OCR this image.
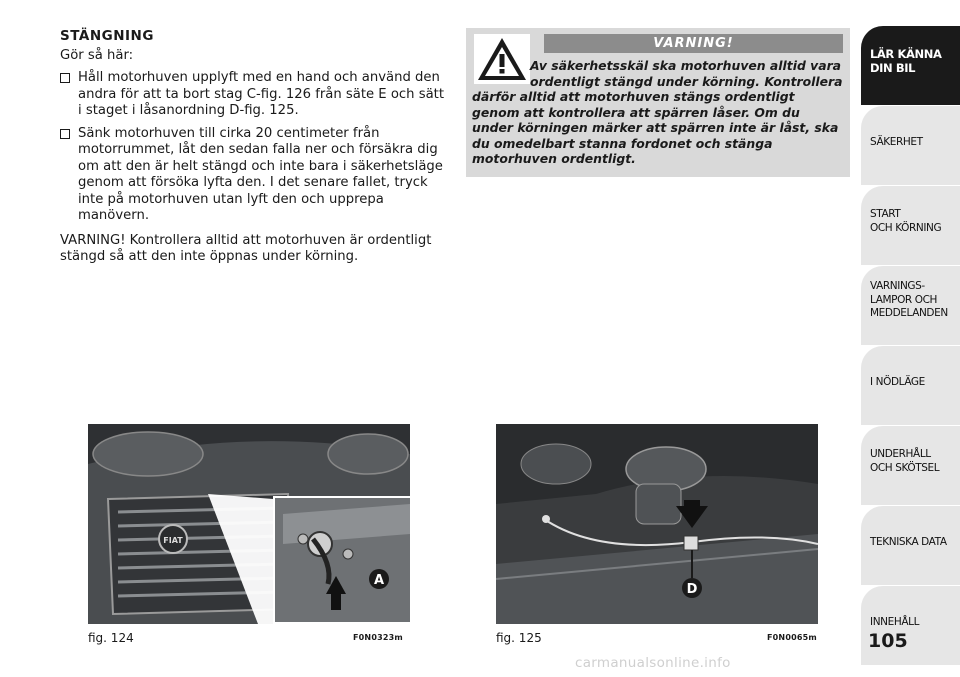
STÄNGNING

Gör så här:

Håll motorhuven upplyft med en hand och använd den andra för att ta bort stag C-fig. 126 från säte E och sätt i staget i låsanordning D-fig. 125.
Sänk motorhuven till cirka 20 centimeter från motorrummet, låt den sedan falla ner och försäkra dig om att den är helt stängd och inte bara i säkerhetsläge genom att försöka lyfta den. I det senare fallet, tryck inte på motorhuven utan lyft den och upprepa manövern.

VARNING! Kontrollera alltid att motorhuven är ordentligt stängd så att den inte öppnas under körning.

VARNING!
Av säkerhetsskäl ska motorhuven alltid vara ordentligt stängd under körning. Kontrollera därför alltid att motorhuven stängs ordentligt genom att kontrollera att spärren låser. Om du under körningen märker att spärren inte är låst, ska du omedelbart stanna fordonet och stänga motorhuven ordentligt.
FIAT
A
fig. 124	F0N0323m
D
fig. 125	F0N0065m
LÄR KÄNNA
DIN BIL
SÄKERHET
START
OCH KÖRNING
VARNINGS-
LAMPOR OCH
MEDDELANDEN
I NÖDLÄGE
UNDERHÅLL
OCH SKÖTSEL
TEKNISKA DATA
INNEHÅLL
105
carmanualsonline.info
